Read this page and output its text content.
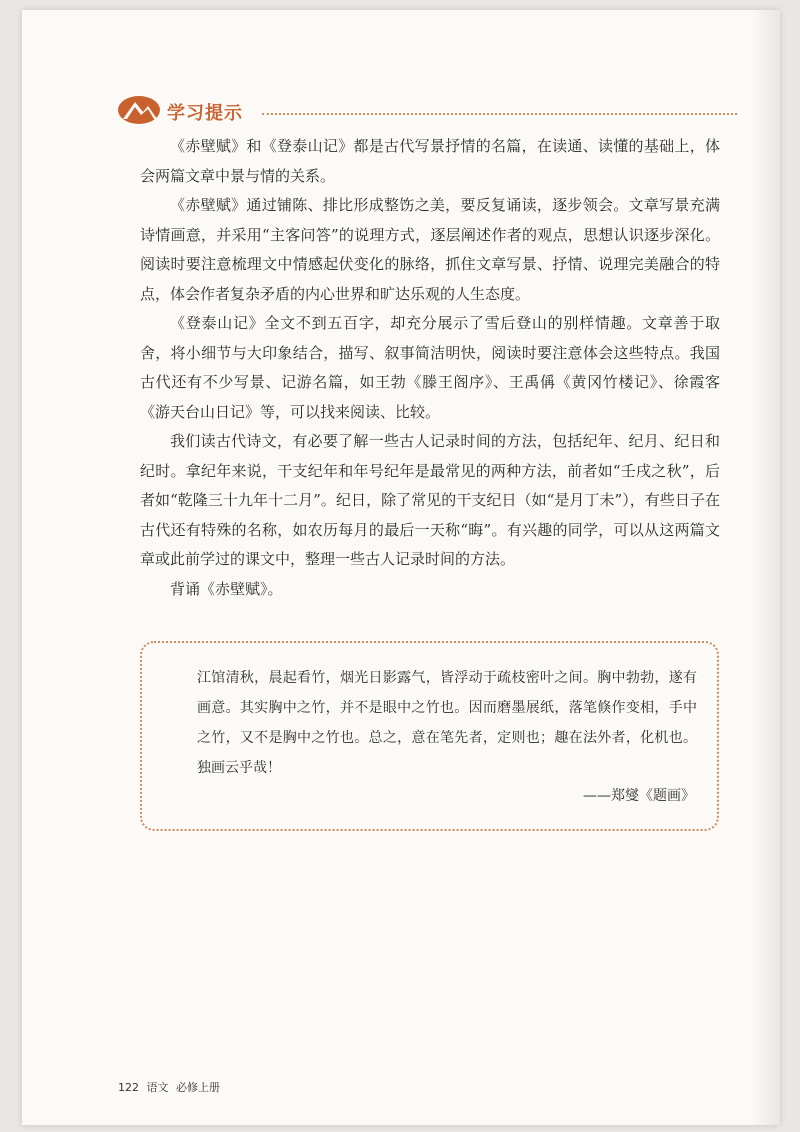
学习提示

《赤壁赋》和《登泰山记》都是古代写景抒情的名篇，在读通、读懂的基础上，体会两篇文章中景与情的关系。

《赤壁赋》通过铺陈、排比形成整饬之美，要反复诵读，逐步领会。文章写景充满诗情画意，并采用“主客问答”的说理方式，逐层阐述作者的观点，思想认识逐步深化。阅读时要注意梳理文中情感起伏变化的脉络，抓住文章写景、抒情、说理完美融合的特点，体会作者复杂矛盾的内心世界和旷达乐观的人生态度。

《登泰山记》全文不到五百字，却充分展示了雪后登山的别样情趣。文章善于取舍，将小细节与大印象结合，描写、叙事简洁明快，阅读时要注意体会这些特点。我国古代还有不少写景、记游名篇，如王勃《滕王阁序》、王禹偁《黄冈竹楼记》、徐霞客《游天台山日记》等，可以找来阅读、比较。

我们读古代诗文，有必要了解一些古人记录时间的方法，包括纪年、纪月、纪日和纪时。拿纪年来说，干支纪年和年号纪年是最常见的两种方法，前者如“壬戌之秋”，后者如“乾隆三十九年十二月”。纪日，除了常见的干支纪日（如“是月丁未”），有些日子在古代还有特殊的名称，如农历每月的最后一天称“晦”。有兴趣的同学，可以从这两篇文章或此前学过的课文中，整理一些古人记录时间的方法。

背诵《赤壁赋》。

江馆清秋，晨起看竹，烟光日影露气，皆浮动于疏枝密叶之间。胸中勃勃，遂有画意。其实胸中之竹，并不是眼中之竹也。因而磨墨展纸，落笔倏作变相，手中之竹，又不是胸中之竹也。总之，意在笔先者，定则也；趣在法外者，化机也。独画云乎哉！
——郑燮《题画》
122 语文 必修上册
